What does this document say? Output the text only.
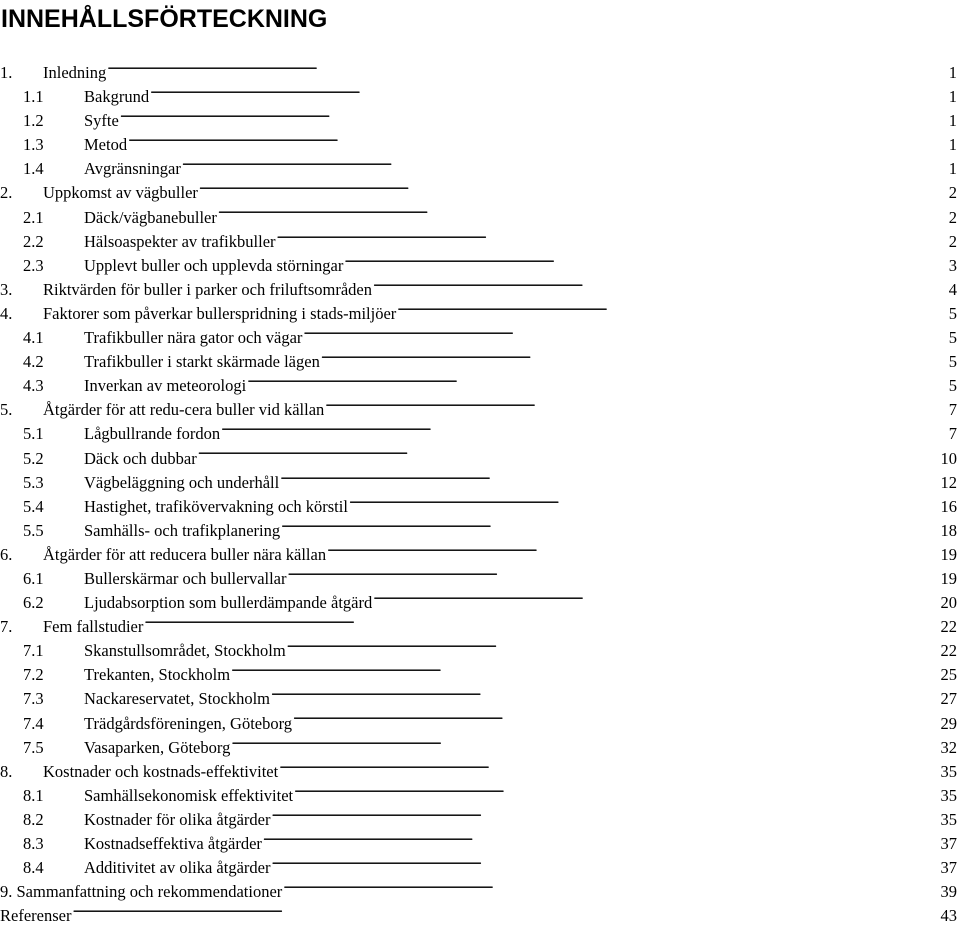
INNEHÅLLSFÖRTECKNING
1.	Inledning . . .	1
1.1	Bakgrund . . .	1
1.2	Syfte . . .	1
1.3	Metod . . .	1
1.4	Avgränsningar . . .	1
2.	Uppkomst av vägbuller . . .	2
2.1	Däck/vägbanebuller . . .	2
2.2	Hälsoaspekter av trafikbuller . . .	2
2.3	Upplevt buller och upplevda störningar . . .	3
3.	Riktvärden för buller i parker och friluftsområden . . .	4
4.	Faktorer som påverkar bullerspridning i stads-miljöer . . .	5
4.1	Trafikbuller nära gator och vägar . . .	5
4.2	Trafikbuller i starkt skärmade lägen . . .	5
4.3	Inverkan av meteorologi . . .	5
5.	Åtgärder för att redu-cera buller vid källan . . .	7
5.1	Lågbullrande fordon . . .	7
5.2	Däck och dubbar . . .	10
5.3	Vägbeläggning och underhåll . . .	12
5.4	Hastighet, trafikövervakning och körstil . . .	16
5.5	Samhälls- och trafikplanering . . .	18
6.	Åtgärder för att reducera buller nära källan . . .	19
6.1	Bullerskärmar och bullervallar . . .	19
6.2	Ljudabsorption som bullerdämpande åtgärd . . .	20
7.	Fem fallstudier . . .	22
7.1	Skanstullsområdet, Stockholm . . .	22
7.2	Trekanten, Stockholm . . .	25
7.3	Nackareservatet, Stockholm . . .	27
7.4	Trädgårdsföreningen, Göteborg . . .	29
7.5	Vasaparken, Göteborg . . .	32
8.	Kostnader och kostnads-effektivitet . . .	35
8.1	Samhällsekonomisk effektivitet . . .	35
8.2	Kostnader för olika åtgärder . . .	35
8.3	Kostnadseffektiva åtgärder . . .	37
8.4	Additivitet av olika åtgärder . . .	37
9. Sammanfattning och rekommendationer . . .	39
Referenser . . .	43
